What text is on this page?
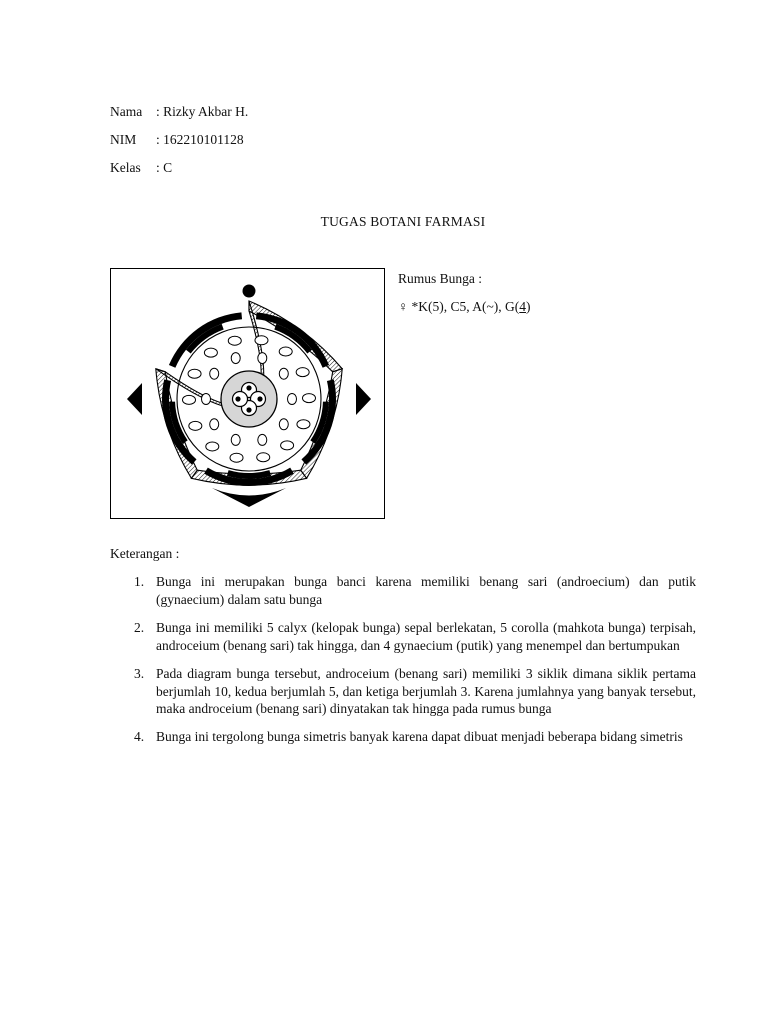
Nama	: Rizky Akbar H.
NIM	: 162210101128
Kelas	: C
TUGAS BOTANI FARMASI
Rumus Bunga :
♀ *K(5), C5, A(~), G(4)
Keterangan :
1. Bunga ini merupakan bunga banci karena memiliki benang sari (androecium) dan putik (gynaecium) dalam satu bunga
2. Bunga ini memiliki 5 calyx (kelopak bunga) sepal berlekatan, 5 corolla (mahkota bunga) terpisah, androceium (benang sari) tak hingga, dan 4 gynaecium (putik) yang menempel dan bertumpukan
3. Pada diagram bunga tersebut, androceium (benang sari) memiliki 3 siklik dimana siklik pertama berjumlah 10, kedua berjumlah 5, dan ketiga berjumlah 3. Karena jumlahnya yang banyak tersebut, maka androceium (benang sari) dinyatakan tak hingga pada rumus bunga
4. Bunga ini tergolong bunga simetris banyak karena dapat dibuat menjadi beberapa bidang simetris
